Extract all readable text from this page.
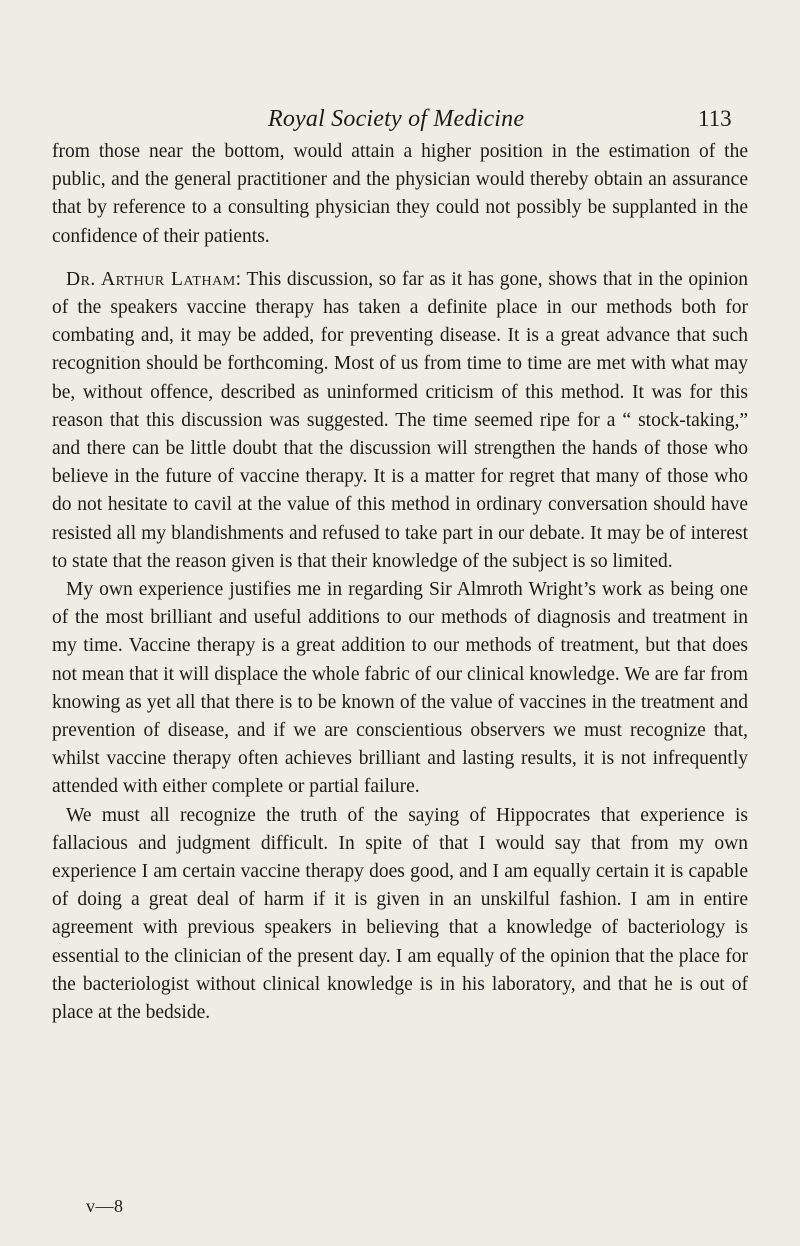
Royal Society of Medicine	113

from those near the bottom, would attain a higher position in the estimation of the public, and the general practitioner and the physician would thereby obtain an assurance that by reference to a consulting physician they could not possibly be supplanted in the confidence of their patients.

Dr. Arthur Latham: This discussion, so far as it has gone, shows that in the opinion of the speakers vaccine therapy has taken a definite place in our methods both for combating and, it may be added, for preventing disease. It is a great advance that such recognition should be forthcoming. Most of us from time to time are met with what may be, without offence, described as uninformed criticism of this method. It was for this reason that this discussion was suggested. The time seemed ripe for a “ stock-taking,” and there can be little doubt that the discussion will strengthen the hands of those who believe in the future of vaccine therapy. It is a matter for regret that many of those who do not hesitate to cavil at the value of this method in ordinary conversation should have resisted all my blandishments and refused to take part in our debate. It may be of interest to state that the reason given is that their knowledge of the subject is so limited.

My own experience justifies me in regarding Sir Almroth Wright’s work as being one of the most brilliant and useful additions to our methods of diagnosis and treatment in my time. Vaccine therapy is a great addition to our methods of treatment, but that does not mean that it will displace the whole fabric of our clinical knowledge. We are far from knowing as yet all that there is to be known of the value of vaccines in the treatment and prevention of disease, and if we are conscientious observers we must recognize that, whilst vaccine therapy often achieves brilliant and lasting results, it is not infrequently attended with either complete or partial failure.

We must all recognize the truth of the saying of Hippocrates that experience is fallacious and judgment difficult. In spite of that I would say that from my own experience I am certain vaccine therapy does good, and I am equally certain it is capable of doing a great deal of harm if it is given in an unskilful fashion. I am in entire agreement with previous speakers in believing that a knowledge of bacteriology is essential to the clinician of the present day. I am equally of the opinion that the place for the bacteriologist without clinical knowledge is in his laboratory, and that he is out of place at the bedside.

v—8
